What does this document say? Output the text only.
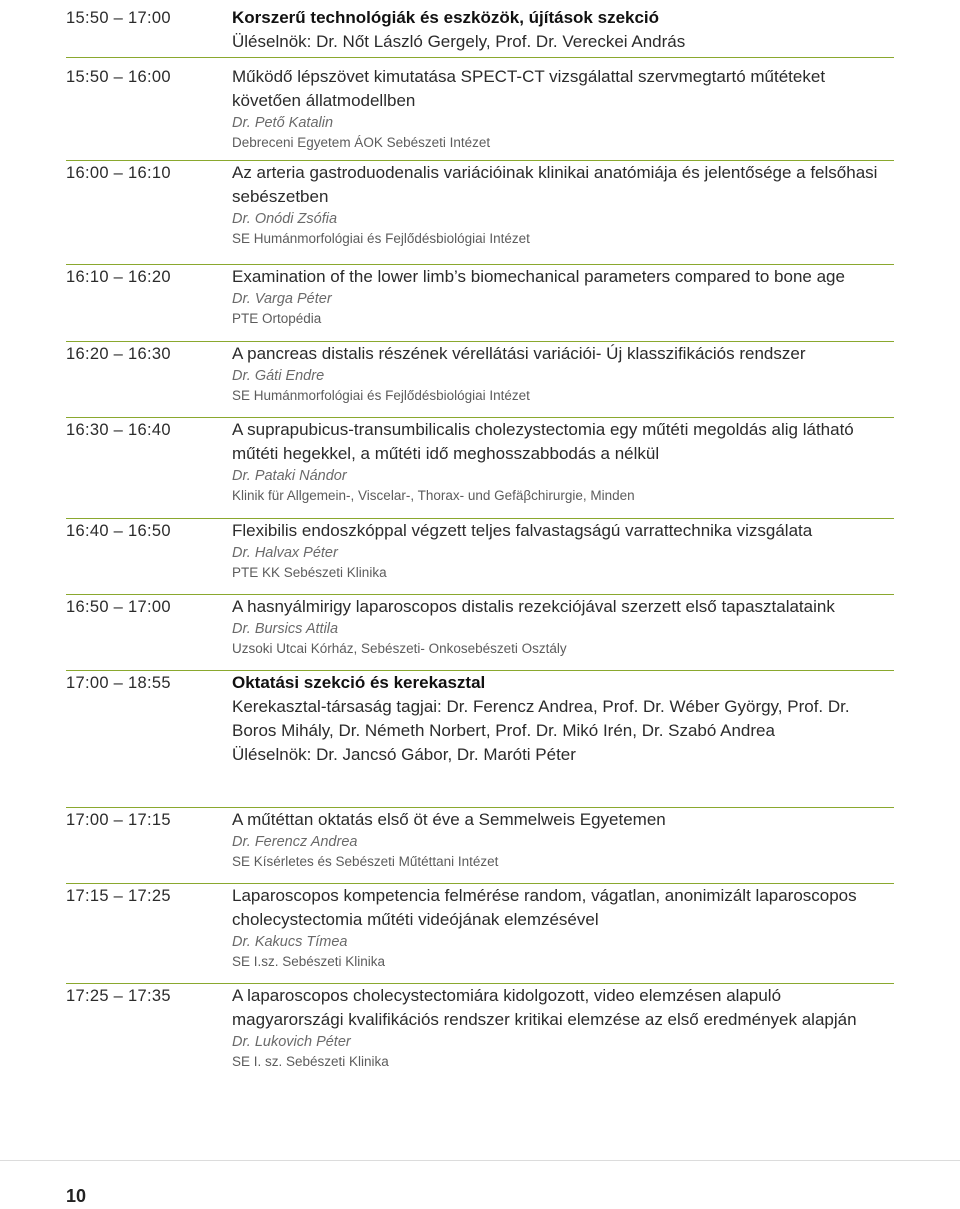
15:50 – 17:00	Korszerű technológiák és eszközök, újítások szekció
Üléselnök: Dr. Nőt László Gergely, Prof. Dr. Vereckei András
15:50 – 16:00	Működő lépszövet kimutatása SPECT-CT vizsgálattal szervmegtartó műtéteket követően állatmodellben
Dr. Pető Katalin
Debreceni Egyetem ÁOK Sebészeti Intézet
16:00 – 16:10	Az arteria gastroduodenalis variációinak klinikai anatómiája és jelentősége a felsőhasi sebészetben
Dr. Onódi Zsófia
SE Humánmorfológiai és Fejlődésbiológiai Intézet
16:10 – 16:20	Examination of the lower limb’s biomechanical parameters compared to bone age
Dr. Varga Péter
PTE Ortopédia
16:20 – 16:30	A pancreas distalis részének vérellátási variációi- Új klasszifikációs rendszer
Dr. Gáti Endre
SE Humánmorfológiai és Fejlődésbiológiai Intézet
16:30 – 16:40	A suprapubicus-transumbilicalis cholezystectomia egy műtéti megoldás alig látható műtéti hegekkel, a műtéti idő meghosszabbodás a nélkül
Dr. Pataki Nándor
Klinik für Allgemein-, Viscelar-, Thorax- und Gefäβchirurgie, Minden
16:40 – 16:50	Flexibilis endoszkóppal végzett teljes falvastagságú varrattechnika vizsgálata
Dr. Halvax Péter
PTE KK Sebészeti Klinika
16:50 – 17:00	A hasnyálmirigy laparoscopos distalis rezekciójával szerzett első tapasztalataink
Dr. Bursics Attila
Uzsoki Utcai Kórház, Sebészeti- Onkosebészeti Osztály
17:00 – 18:55	Oktatási szekció és kerekasztal
Kerekasztal-társaság tagjai: Dr. Ferencz Andrea, Prof. Dr. Wéber György, Prof. Dr. Boros Mihály, Dr. Németh Norbert, Prof. Dr. Mikó Irén, Dr. Szabó Andrea
Üléselnök: Dr. Jancsó Gábor, Dr. Maróti Péter
17:00 – 17:15	A műtéttan oktatás első öt éve a Semmelweis Egyetemen
Dr. Ferencz Andrea
SE Kísérletes és Sebészeti Műtéttani Intézet
17:15 – 17:25	Laparoscopos kompetencia felmérése random, vágatlan, anonimizált laparoscopos cholecystectomia műtéti videójának elemzésével
Dr. Kakucs Tímea
SE I.sz. Sebészeti Klinika
17:25 – 17:35	A laparoscopos cholecystectomiára kidolgozott, video elemzésen alapuló magyarországi kvalifikációs rendszer kritikai elemzése az első eredmények alapján
Dr. Lukovich Péter
SE I. sz. Sebészeti Klinika
10
